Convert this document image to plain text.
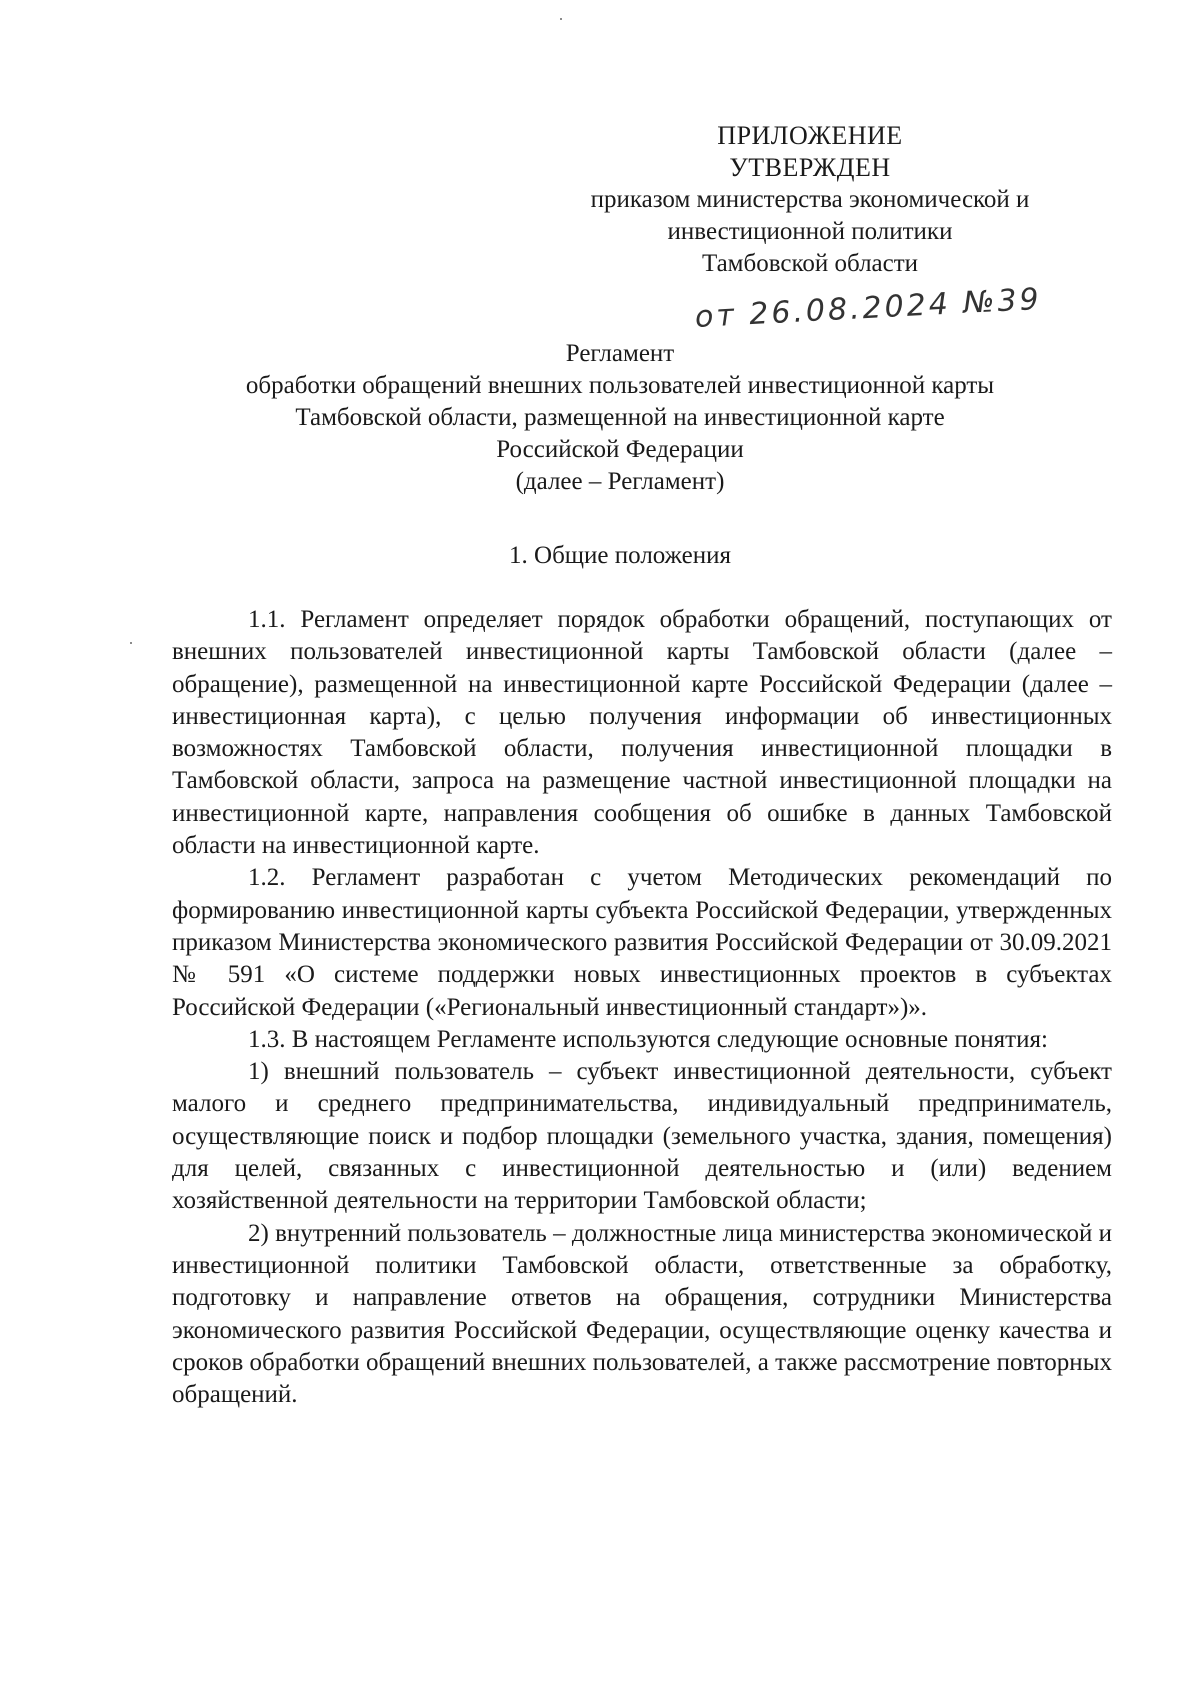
ПРИЛОЖЕНИЕ
УТВЕРЖДЕН
приказом министерства экономической и
инвестиционной политики
Тамбовской области
от 26.08.2024 №39
Регламент
обработки обращений внешних пользователей инвестиционной карты
Тамбовской области, размещенной на инвестиционной карте
Российской Федерации
(далее – Регламент)
1. Общие положения

1.1. Регламент определяет порядок обработки обращений, поступающих от внешних пользователей инвестиционной карты Тамбовской области (далее – обращение), размещенной на инвестиционной карте Российской Федерации (далее – инвестиционная карта), с целью получения информации об инвестиционных возможностях Тамбовской области, получения инвестиционной площадки в Тамбовской области, запроса на размещение частной инвестиционной площадки на инвестиционной карте, направления сообщения об ошибке в данных Тамбовской области на инвестиционной карте.

1.2. Регламент разработан с учетом Методических рекомендаций по формированию инвестиционной карты субъекта Российской Федерации, утвержденных приказом Министерства экономического развития Российской Федерации от 30.09.2021 № 591 «О системе поддержки новых инвестиционных проектов в субъектах Российской Федерации («Региональный инвестиционный стандарт»)».

1.3. В настоящем Регламенте используются следующие основные понятия:

1) внешний пользователь – субъект инвестиционной деятельности, субъект малого и среднего предпринимательства, индивидуальный предприниматель, осуществляющие поиск и подбор площадки (земельного участка, здания, помещения) для целей, связанных с инвестиционной деятельностью и (или) ведением хозяйственной деятельности на территории Тамбовской области;

2) внутренний пользователь – должностные лица министерства экономической и инвестиционной политики Тамбовской области, ответственные за обработку, подготовку и направление ответов на обращения, сотрудники Министерства экономического развития Российской Федерации, осуществляющие оценку качества и сроков обработки обращений внешних пользователей, а также рассмотрение повторных обращений.
